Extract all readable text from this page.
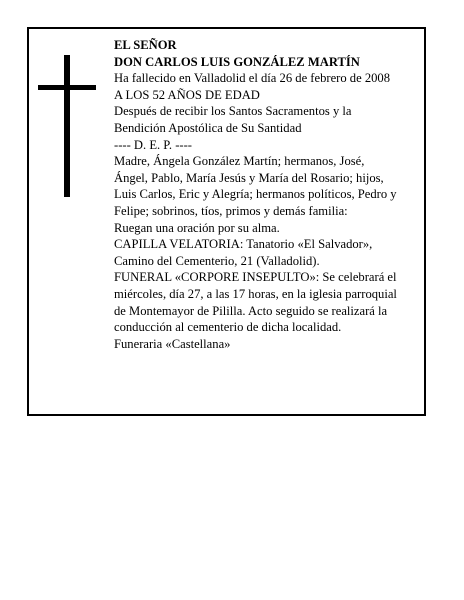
EL SEÑOR
DON CARLOS LUIS GONZÁLEZ MARTÍN
Ha fallecido en Valladolid el día 26 de febrero de 2008
A LOS 52 AÑOS DE EDAD
Después de recibir los Santos Sacramentos y la
Bendición Apostólica de Su Santidad
---- D. E. P. ----
Madre, Ángela González Martín; hermanos, José,
Ángel, Pablo, María Jesús y María del Rosario; hijos,
Luis Carlos, Eric y Alegría; hermanos políticos, Pedro y
Felipe; sobrinos, tíos, primos y demás familia:
Ruegan una oración por su alma.
CAPILLA VELATORIA: Tanatorio «El Salvador»,
Camino del Cementerio, 21 (Valladolid).
FUNERAL «CORPORE INSEPULTO»: Se celebrará el
miércoles, día 27, a las 17 horas, en la iglesia parroquial
de Montemayor de Pililla. Acto seguido se realizará la
conducción al cementerio de dicha localidad.
Funeraria «Castellana»
